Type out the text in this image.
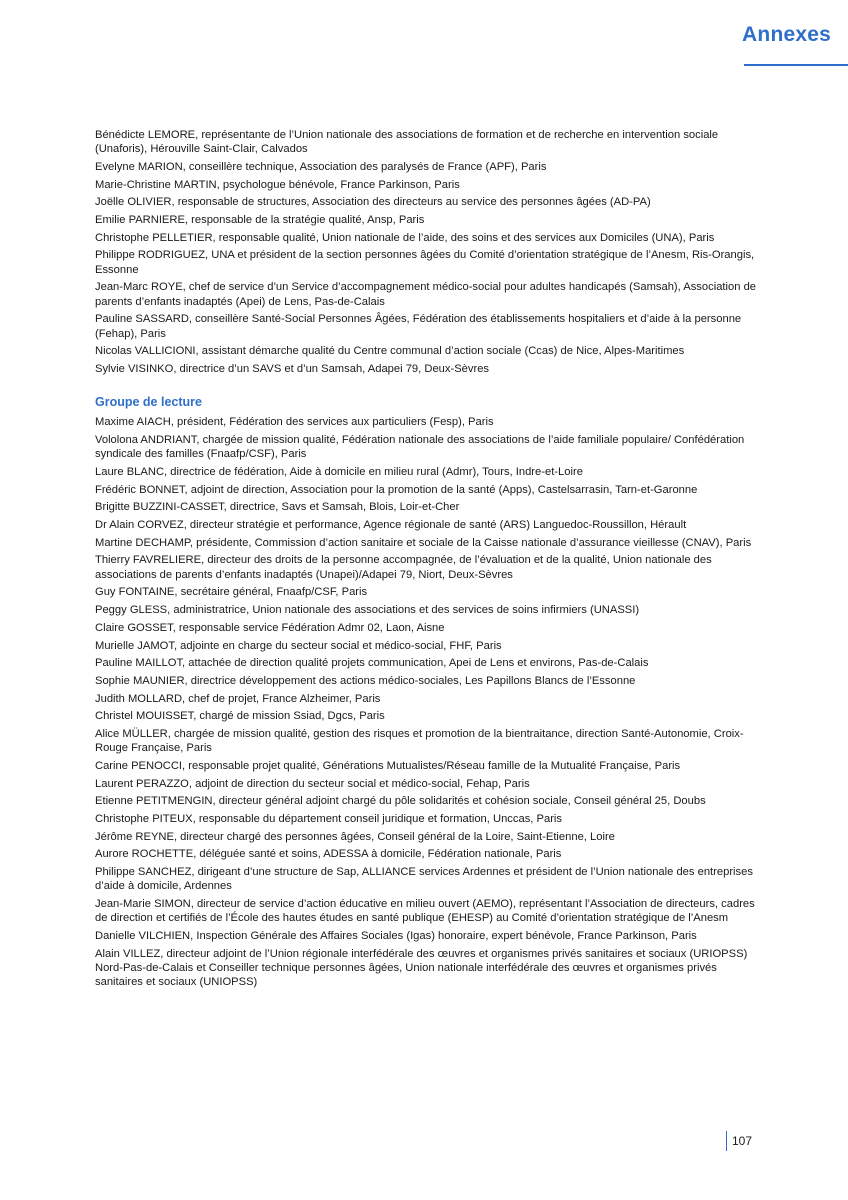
Annexes
Bénédicte LEMORE, représentante de l’Union nationale des associations de formation et de recherche en intervention sociale (Unaforis), Hérouville Saint-Clair, Calvados
Evelyne MARION, conseillère technique, Association des paralysés de France (APF), Paris
Marie-Christine MARTIN, psychologue bénévole, France Parkinson, Paris
Joëlle OLIVIER, responsable de structures, Association des directeurs au service des personnes âgées (AD-PA)
Emilie PARNIERE, responsable de la stratégie qualité, Ansp, Paris
Christophe PELLETIER, responsable qualité, Union nationale de l’aide, des soins et des services aux Domiciles (UNA), Paris
Philippe RODRIGUEZ, UNA et président de la section personnes âgées du Comité d’orientation stratégique de l’Anesm, Ris-Orangis, Essonne
Jean-Marc ROYE, chef de service d’un Service d’accompagnement médico-social pour adultes handicapés (Samsah), Association de parents d’enfants inadaptés (Apei) de Lens, Pas-de-Calais
Pauline SASSARD, conseillère Santé-Social Personnes Âgées, Fédération des établissements hospitaliers et d’aide à la personne (Fehap), Paris
Nicolas VALLICIONI, assistant démarche qualité du Centre communal d’action sociale (Ccas) de Nice, Alpes-Maritimes
Sylvie VISINKO, directrice d’un SAVS et d’un Samsah, Adapei 79, Deux-Sèvres
Groupe de lecture
Maxime AIACH, président, Fédération des services aux particuliers (Fesp), Paris
Vololona ANDRIANT, chargée de mission qualité, Fédération nationale des associations de l’aide familiale populaire/ Confédération syndicale des familles (Fnaafp/CSF), Paris
Laure BLANC, directrice de fédération, Aide à domicile en milieu rural (Admr), Tours, Indre-et-Loire
Frédéric BONNET, adjoint de direction, Association pour la promotion de la santé (Apps), Castelsarrasin, Tarn-et-Garonne
Brigitte BUZZINI-CASSET, directrice, Savs et Samsah, Blois, Loir-et-Cher
Dr Alain CORVEZ, directeur stratégie et performance, Agence régionale de santé (ARS) Languedoc-Roussillon, Hérault
Martine DECHAMP, présidente, Commission d’action sanitaire et sociale de la Caisse nationale d’assurance vieillesse (CNAV), Paris
Thierry FAVRELIERE, directeur des droits de la personne accompagnée, de l’évaluation et de la qualité, Union nationale des associations de parents d’enfants inadaptés (Unapei)/Adapei 79, Niort, Deux-Sèvres
Guy FONTAINE, secrétaire général, Fnaafp/CSF, Paris
Peggy GLESS, administratrice, Union nationale des associations et des services de soins infirmiers (UNASSI)
Claire GOSSET, responsable service Fédération Admr 02, Laon, Aisne
Murielle JAMOT, adjointe en charge du secteur social et médico-social, FHF, Paris
Pauline MAILLOT, attachée de direction qualité projets communication, Apei de Lens et environs, Pas-de-Calais
Sophie MAUNIER, directrice développement des actions médico-sociales, Les Papillons Blancs de l’Essonne
Judith MOLLARD, chef de projet, France Alzheimer, Paris
Christel MOUISSET, chargé de mission Ssiad, Dgcs, Paris
Alice MÜLLER, chargée de mission qualité, gestion des risques et promotion de la bientraitance, direction Santé-Autonomie, Croix-Rouge Française, Paris
Carine PENOCCI, responsable projet qualité, Générations Mutualistes/Réseau famille de la Mutualité Française, Paris
Laurent PERAZZO, adjoint de direction du secteur social et médico-social, Fehap, Paris
Etienne PETITMENGIN, directeur général adjoint chargé du pôle solidarités et cohésion sociale, Conseil général 25, Doubs
Christophe PITEUX, responsable du département conseil juridique et formation, Unccas, Paris
Jérôme REYNE, directeur chargé des personnes âgées, Conseil général de la Loire, Saint-Etienne, Loire
Aurore ROCHETTE, déléguée santé et soins, ADESSA à domicile, Fédération nationale, Paris
Philippe SANCHEZ, dirigeant d’une structure de Sap, ALLIANCE services Ardennes et président de l’Union nationale des entreprises d’aide à domicile, Ardennes
Jean-Marie SIMON, directeur de service d’action éducative en milieu ouvert (AEMO), représentant l’Association de directeurs, cadres de direction et certifiés de l’École des hautes études en santé publique (EHESP) au Comité d’orientation stratégique de l’Anesm
Danielle VILCHIEN, Inspection Générale des Affaires Sociales (Igas) honoraire, expert bénévole, France Parkinson, Paris
Alain VILLEZ, directeur adjoint de l’Union régionale interfédérale des œuvres et organismes privés sanitaires et sociaux (URIOPSS) Nord-Pas-de-Calais et Conseiller technique personnes âgées, Union nationale interfédérale des œuvres et organismes privés sanitaires et sociaux (UNIOPSS)
107
